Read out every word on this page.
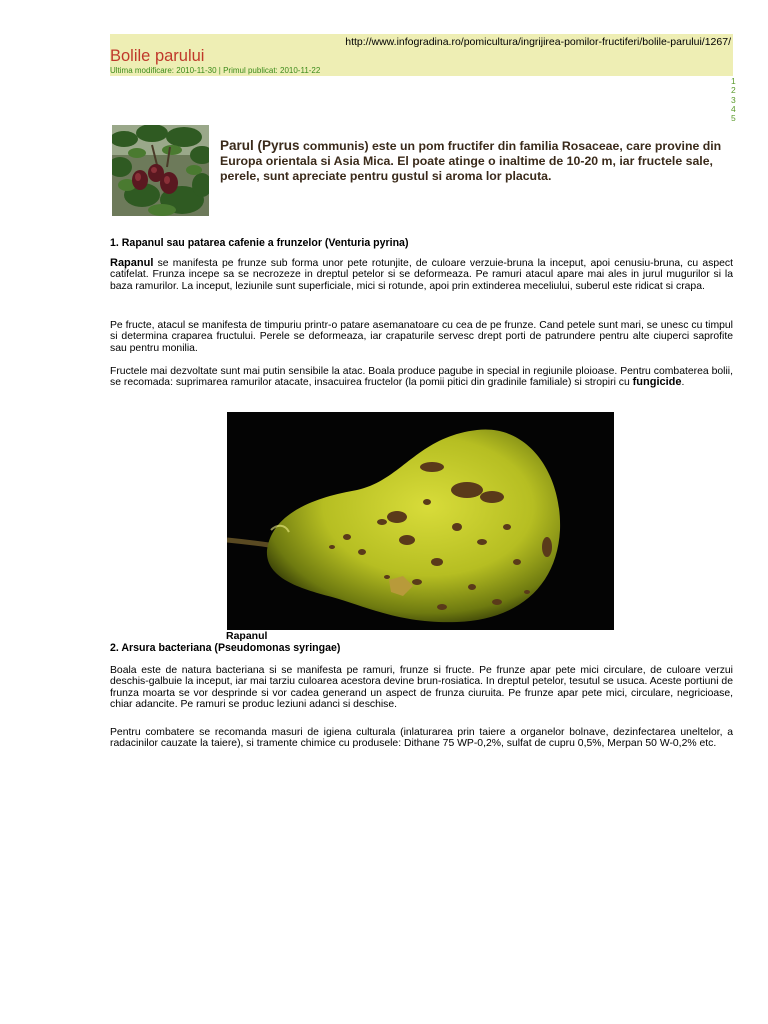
http://www.infogradina.ro/pomicultura/ingrijirea-pomilor-fructiferi/bolile-parului/1267/
Bolile parului
Ultima modificare: 2010-11-30 | Primul publicat: 2010-11-22
1
2
3
4
5
Parul (Pyrus communis) este un pom fructifer din familia Rosaceae, care provine din Europa orientala si Asia Mica. El poate atinge o inaltime de 10-20 m, iar fructele sale, perele, sunt apreciate pentru gustul si aroma lor placuta.
1. Rapanul sau patarea cafenie a frunzelor (Venturia pyrina)
Rapanul se manifesta pe frunze sub forma unor pete rotunjite, de culoare verzuie-bruna la inceput, apoi cenusiu-bruna, cu aspect catifelat. Frunza incepe sa se necrozeze in dreptul petelor si se deformeaza. Pe ramuri atacul apare mai ales in jurul mugurilor si la baza ramurilor. La inceput, leziunile sunt superficiale, mici si rotunde, apoi prin extinderea meceliului, suberul este ridicat si crapa.
Pe fructe, atacul se manifesta de timpuriu printr-o patare asemanatoare cu cea de pe frunze. Cand petele sunt mari, se unesc cu timpul si determina craparea fructului. Perele se deformeaza, iar crapaturile servesc drept porti de patrundere pentru alte ciuperci saprofite sau pentru monilia.
Fructele mai dezvoltate sunt mai putin sensibile la atac. Boala produce pagube in special in regiunile ploioase. Pentru combaterea bolii, se recomada: suprimarea ramurilor atacate, insacuirea fructelor (la pomii pitici din gradinile familiale) si stropiri cu fungicide.
Rapanul
2. Arsura bacteriana (Pseudomonas syringae)
Boala este de natura bacteriana si se manifesta pe ramuri, frunze si fructe. Pe frunze apar pete mici circulare, de culoare verzui deschis-galbuie la inceput, iar mai tarziu culoarea acestora devine brun-rosiatica. In dreptul petelor, tesutul se usuca. Aceste portiuni de frunza moarta se vor desprinde si vor cadea generand un aspect de frunza ciuruita. Pe frunze apar pete mici, circulare, negricioase, chiar adancite. Pe ramuri se produc leziuni adanci si deschise.
Pentru combatere se recomanda masuri de igiena culturala (inlaturarea prin taiere a organelor bolnave, dezinfectarea uneltelor, a radacinilor cauzate la taiere), si tramente chimice cu produsele: Dithane 75 WP-0,2%, sulfat de cupru 0,5%, Merpan 50 W-0,2% etc.
